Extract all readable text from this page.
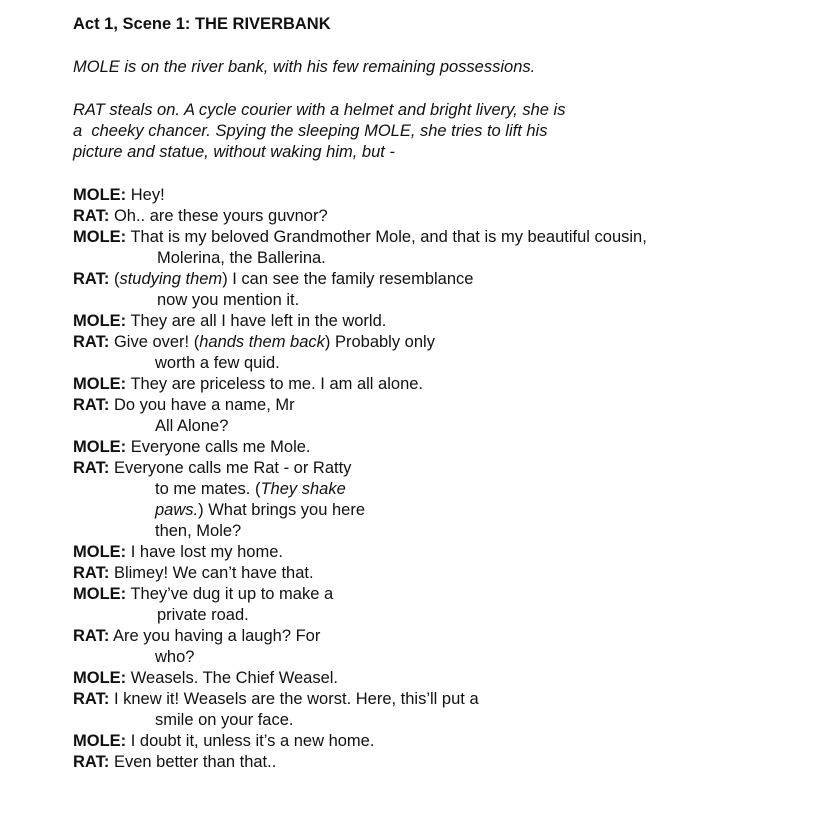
Act 1, Scene 1: THE RIVERBANK
MOLE is on the river bank, with his few remaining possessions.
RAT steals on. A cycle courier with a helmet and bright livery, she is
a  cheeky chancer. Spying the sleeping MOLE, she tries to lift his
picture and statue, without waking him, but -
MOLE: Hey!
RAT: Oh.. are these yours guvnor?
MOLE: That is my beloved Grandmother Mole, and that is my beautiful cousin,
Molerina, the Ballerina.
RAT: (studying them) I can see the family resemblance
now you mention it.
MOLE: They are all I have left in the world.
RAT: Give over! (hands them back) Probably only
worth a few quid.
MOLE: They are priceless to me. I am all alone.
RAT: Do you have a name, Mr
All Alone?
MOLE: Everyone calls me Mole.
RAT: Everyone calls me Rat - or Ratty
to me mates. (They shake
paws.) What brings you here
then, Mole?
MOLE: I have lost my home.
RAT: Blimey! We can’t have that.
MOLE: They’ve dug it up to make a
private road.
RAT: Are you having a laugh? For
who?
MOLE: Weasels. The Chief Weasel.
RAT: I knew it! Weasels are the worst. Here, this’ll put a
smile on your face.
MOLE: I doubt it, unless it’s a new home.
RAT: Even better than that..
